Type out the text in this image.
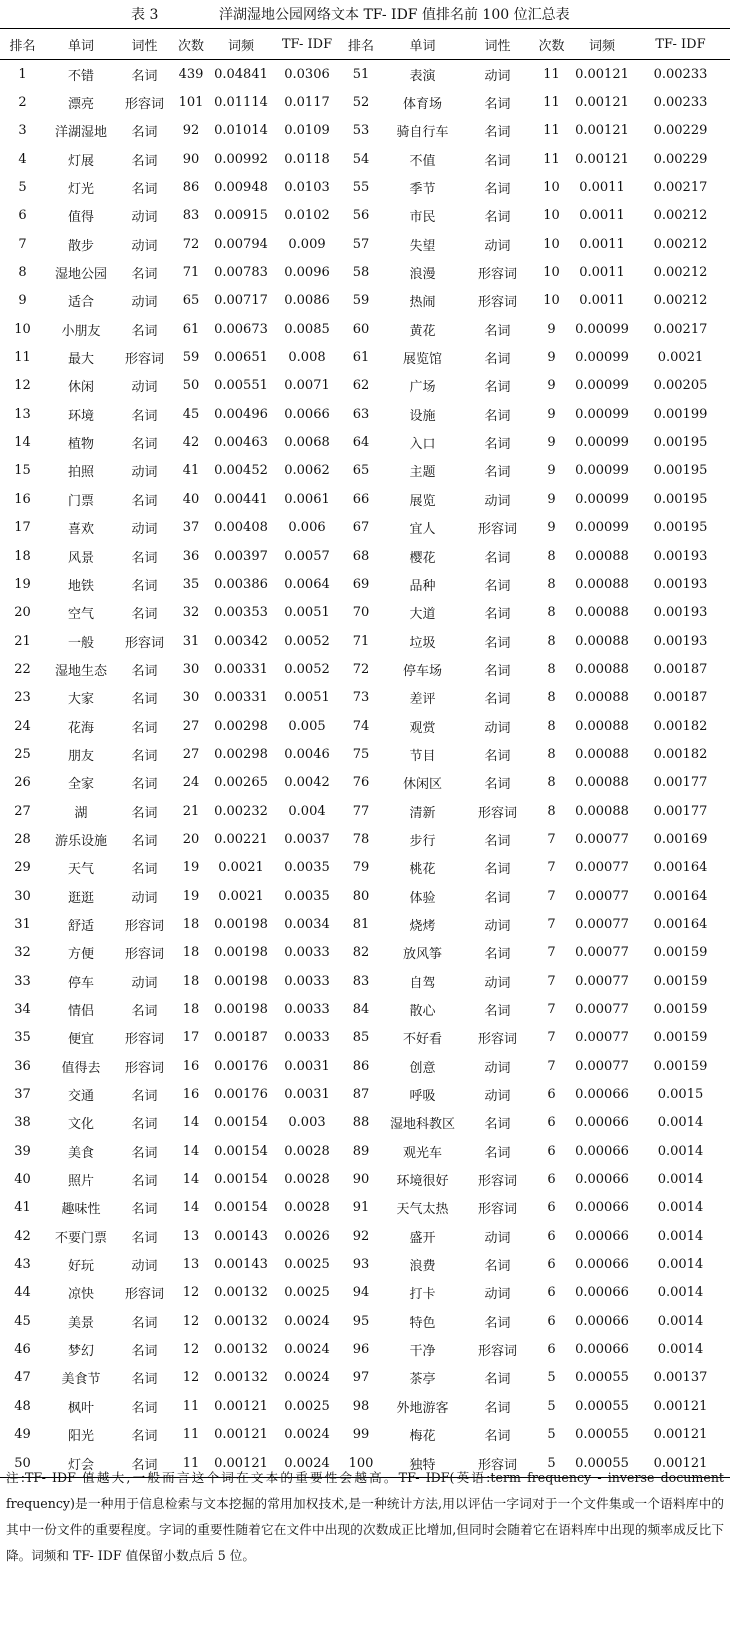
表 3	洋湖湿地公园网络文本 TF- IDF 值排名前 100 位汇总表
排名	单词	词性	次数	词频	TF- IDF	排名	单词	词性	次数	词频	TF- IDF
1	不错	名词	439	0.04841	0.0306	51	表演	动词	11	0.00121	0.00233
2	漂亮	形容词	101	0.01114	0.0117	52	体育场	名词	11	0.00121	0.00233
3	洋湖湿地	名词	92	0.01014	0.0109	53	骑自行车	名词	11	0.00121	0.00229
4	灯展	名词	90	0.00992	0.0118	54	不值	名词	11	0.00121	0.00229
5	灯光	名词	86	0.00948	0.0103	55	季节	名词	10	0.0011	0.00217
6	值得	动词	83	0.00915	0.0102	56	市民	名词	10	0.0011	0.00212
7	散步	动词	72	0.00794	0.009	57	失望	动词	10	0.0011	0.00212
8	湿地公园	名词	71	0.00783	0.0096	58	浪漫	形容词	10	0.0011	0.00212
9	适合	动词	65	0.00717	0.0086	59	热闹	形容词	10	0.0011	0.00212
10	小朋友	名词	61	0.00673	0.0085	60	黄花	名词	9	0.00099	0.00217
11	最大	形容词	59	0.00651	0.008	61	展览馆	名词	9	0.00099	0.0021
12	休闲	动词	50	0.00551	0.0071	62	广场	名词	9	0.00099	0.00205
13	环境	名词	45	0.00496	0.0066	63	设施	名词	9	0.00099	0.00199
14	植物	名词	42	0.00463	0.0068	64	入口	名词	9	0.00099	0.00195
15	拍照	动词	41	0.00452	0.0062	65	主题	名词	9	0.00099	0.00195
16	门票	名词	40	0.00441	0.0061	66	展览	动词	9	0.00099	0.00195
17	喜欢	动词	37	0.00408	0.006	67	宜人	形容词	9	0.00099	0.00195
18	风景	名词	36	0.00397	0.0057	68	樱花	名词	8	0.00088	0.00193
19	地铁	名词	35	0.00386	0.0064	69	品种	名词	8	0.00088	0.00193
20	空气	名词	32	0.00353	0.0051	70	大道	名词	8	0.00088	0.00193
21	一般	形容词	31	0.00342	0.0052	71	垃圾	名词	8	0.00088	0.00193
22	湿地生态	名词	30	0.00331	0.0052	72	停车场	名词	8	0.00088	0.00187
23	大家	名词	30	0.00331	0.0051	73	差评	名词	8	0.00088	0.00187
24	花海	名词	27	0.00298	0.005	74	观赏	动词	8	0.00088	0.00182
25	朋友	名词	27	0.00298	0.0046	75	节目	名词	8	0.00088	0.00182
26	全家	名词	24	0.00265	0.0042	76	休闲区	名词	8	0.00088	0.00177
27	湖	名词	21	0.00232	0.004	77	清新	形容词	8	0.00088	0.00177
28	游乐设施	名词	20	0.00221	0.0037	78	步行	名词	7	0.00077	0.00169
29	天气	名词	19	0.0021	0.0035	79	桃花	名词	7	0.00077	0.00164
30	逛逛	动词	19	0.0021	0.0035	80	体验	名词	7	0.00077	0.00164
31	舒适	形容词	18	0.00198	0.0034	81	烧烤	动词	7	0.00077	0.00164
32	方便	形容词	18	0.00198	0.0033	82	放风筝	名词	7	0.00077	0.00159
33	停车	动词	18	0.00198	0.0033	83	自驾	动词	7	0.00077	0.00159
34	情侣	名词	18	0.00198	0.0033	84	散心	名词	7	0.00077	0.00159
35	便宜	形容词	17	0.00187	0.0033	85	不好看	形容词	7	0.00077	0.00159
36	值得去	形容词	16	0.00176	0.0031	86	创意	动词	7	0.00077	0.00159
37	交通	名词	16	0.00176	0.0031	87	呼吸	动词	6	0.00066	0.0015
38	文化	名词	14	0.00154	0.003	88	湿地科教区	名词	6	0.00066	0.0014
39	美食	名词	14	0.00154	0.0028	89	观光车	名词	6	0.00066	0.0014
40	照片	名词	14	0.00154	0.0028	90	环境很好	形容词	6	0.00066	0.0014
41	趣味性	名词	14	0.00154	0.0028	91	天气太热	形容词	6	0.00066	0.0014
42	不要门票	名词	13	0.00143	0.0026	92	盛开	动词	6	0.00066	0.0014
43	好玩	动词	13	0.00143	0.0025	93	浪费	名词	6	0.00066	0.0014
44	凉快	形容词	12	0.00132	0.0025	94	打卡	动词	6	0.00066	0.0014
45	美景	名词	12	0.00132	0.0024	95	特色	名词	6	0.00066	0.0014
46	梦幻	名词	12	0.00132	0.0024	96	干净	形容词	6	0.00066	0.0014
47	美食节	名词	12	0.00132	0.0024	97	茶亭	名词	5	0.00055	0.00137
48	枫叶	名词	11	0.00121	0.0025	98	外地游客	名词	5	0.00055	0.00121
49	阳光	名词	11	0.00121	0.0024	99	梅花	名词	5	0.00055	0.00121
50	灯会	名词	11	0.00121	0.0024	100	独特	形容词	5	0.00055	0.00121
注:TF- IDF 值越大,一般而言这个词在文本的重要性会越高。TF- IDF(英语:term frequency - inverse document frequency)是一种用于信息检索与文本挖掘的常用加权技术,是一种统计方法,用以评估一字词对于一个文件集或一个语料库中的其中一份文件的重要程度。字词的重要性随着它在文件中出现的次数成正比增加,但同时会随着它在语料库中出现的频率成反比下降。词频和 TF- IDF 值保留小数点后 5 位。
